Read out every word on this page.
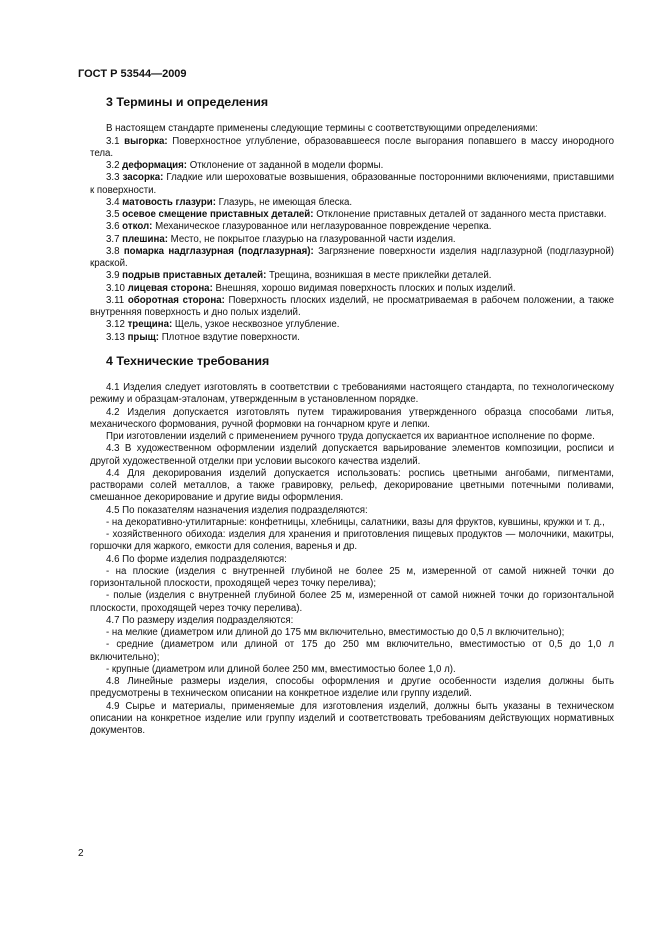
ГОСТ Р 53544—2009
3 Термины и определения
В настоящем стандарте применены следующие термины с соответствующими определениями:
3.1 выгорка: Поверхностное углубление, образовавшееся после выгорания попавшего в массу инородного тела.
3.2 деформация: Отклонение от заданной в модели формы.
3.3 засорка: Гладкие или шероховатые возвышения, образованные посторонними включениями, приставшими к поверхности.
3.4 матовость глазури: Глазурь, не имеющая блеска.
3.5 осевое смещение приставных деталей: Отклонение приставных деталей от заданного места приставки.
3.6 откол: Механическое глазурованное или неглазурованное повреждение черепка.
3.7 плешина: Место, не покрытое глазурью на глазурованной части изделия.
3.8 помарка надглазурная (подглазурная): Загрязнение поверхности изделия надглазурной (подглазурной) краской.
3.9 подрыв приставных деталей: Трещина, возникшая в месте приклейки деталей.
3.10 лицевая сторона: Внешняя, хорошо видимая поверхность плоских и полых изделий.
3.11 оборотная сторона: Поверхность плоских изделий, не просматриваемая в рабочем положении, а также внутренняя поверхность и дно полых изделий.
3.12 трещина: Щель, узкое несквозное углубление.
3.13 прыщ: Плотное вздутие поверхности.
4 Технические требования
4.1 Изделия следует изготовлять в соответствии с требованиями настоящего стандарта, по технологическому режиму и образцам-эталонам, утвержденным в установленном порядке.
4.2 Изделия допускается изготовлять путем тиражирования утвержденного образца способами литья, механического формования, ручной формовки на гончарном круге и лепки.
При изготовлении изделий с применением ручного труда допускается их вариантное исполнение по форме.
4.3 В художественном оформлении изделий допускается варьирование элементов композиции, росписи и другой художественной отделки при условии высокого качества изделий.
4.4 Для декорирования изделий допускается использовать: роспись цветными ангобами, пигментами, растворами солей металлов, а также гравировку, рельеф, декорирование цветными потечными поливами, смешанное декорирование и другие виды оформления.
4.5 По показателям назначения изделия подразделяются:
- на декоративно-утилитарные: конфетницы, хлебницы, салатники, вазы для фруктов, кувшины, кружки и т. д.,
- хозяйственного обихода: изделия для хранения и приготовления пищевых продуктов — молочники, макитры, горшочки для жаркого, емкости для соления, варенья и др.
4.6 По форме изделия подразделяются:
- на плоские (изделия с внутренней глубиной не более 25 м, измеренной от самой нижней точки до горизонтальной плоскости, проходящей через точку перелива);
- полые (изделия с внутренней глубиной более 25 м, измеренной от самой нижней точки до горизонтальной плоскости, проходящей через точку перелива).
4.7 По размеру изделия подразделяются:
- на мелкие (диаметром или длиной до 175 мм включительно, вместимостью до 0,5 л включительно);
- средние (диаметром или длиной от 175 до 250 мм включительно, вместимостью от 0,5 до 1,0 л включительно);
- крупные (диаметром или длиной более 250 мм, вместимостью более 1,0 л).
4.8 Линейные размеры изделия, способы оформления и другие особенности изделия должны быть предусмотрены в техническом описании на конкретное изделие или группу изделий.
4.9 Сырье и материалы, применяемые для изготовления изделий, должны быть указаны в техническом описании на конкретное изделие или группу изделий и соответствовать требованиям действующих нормативных документов.
2
